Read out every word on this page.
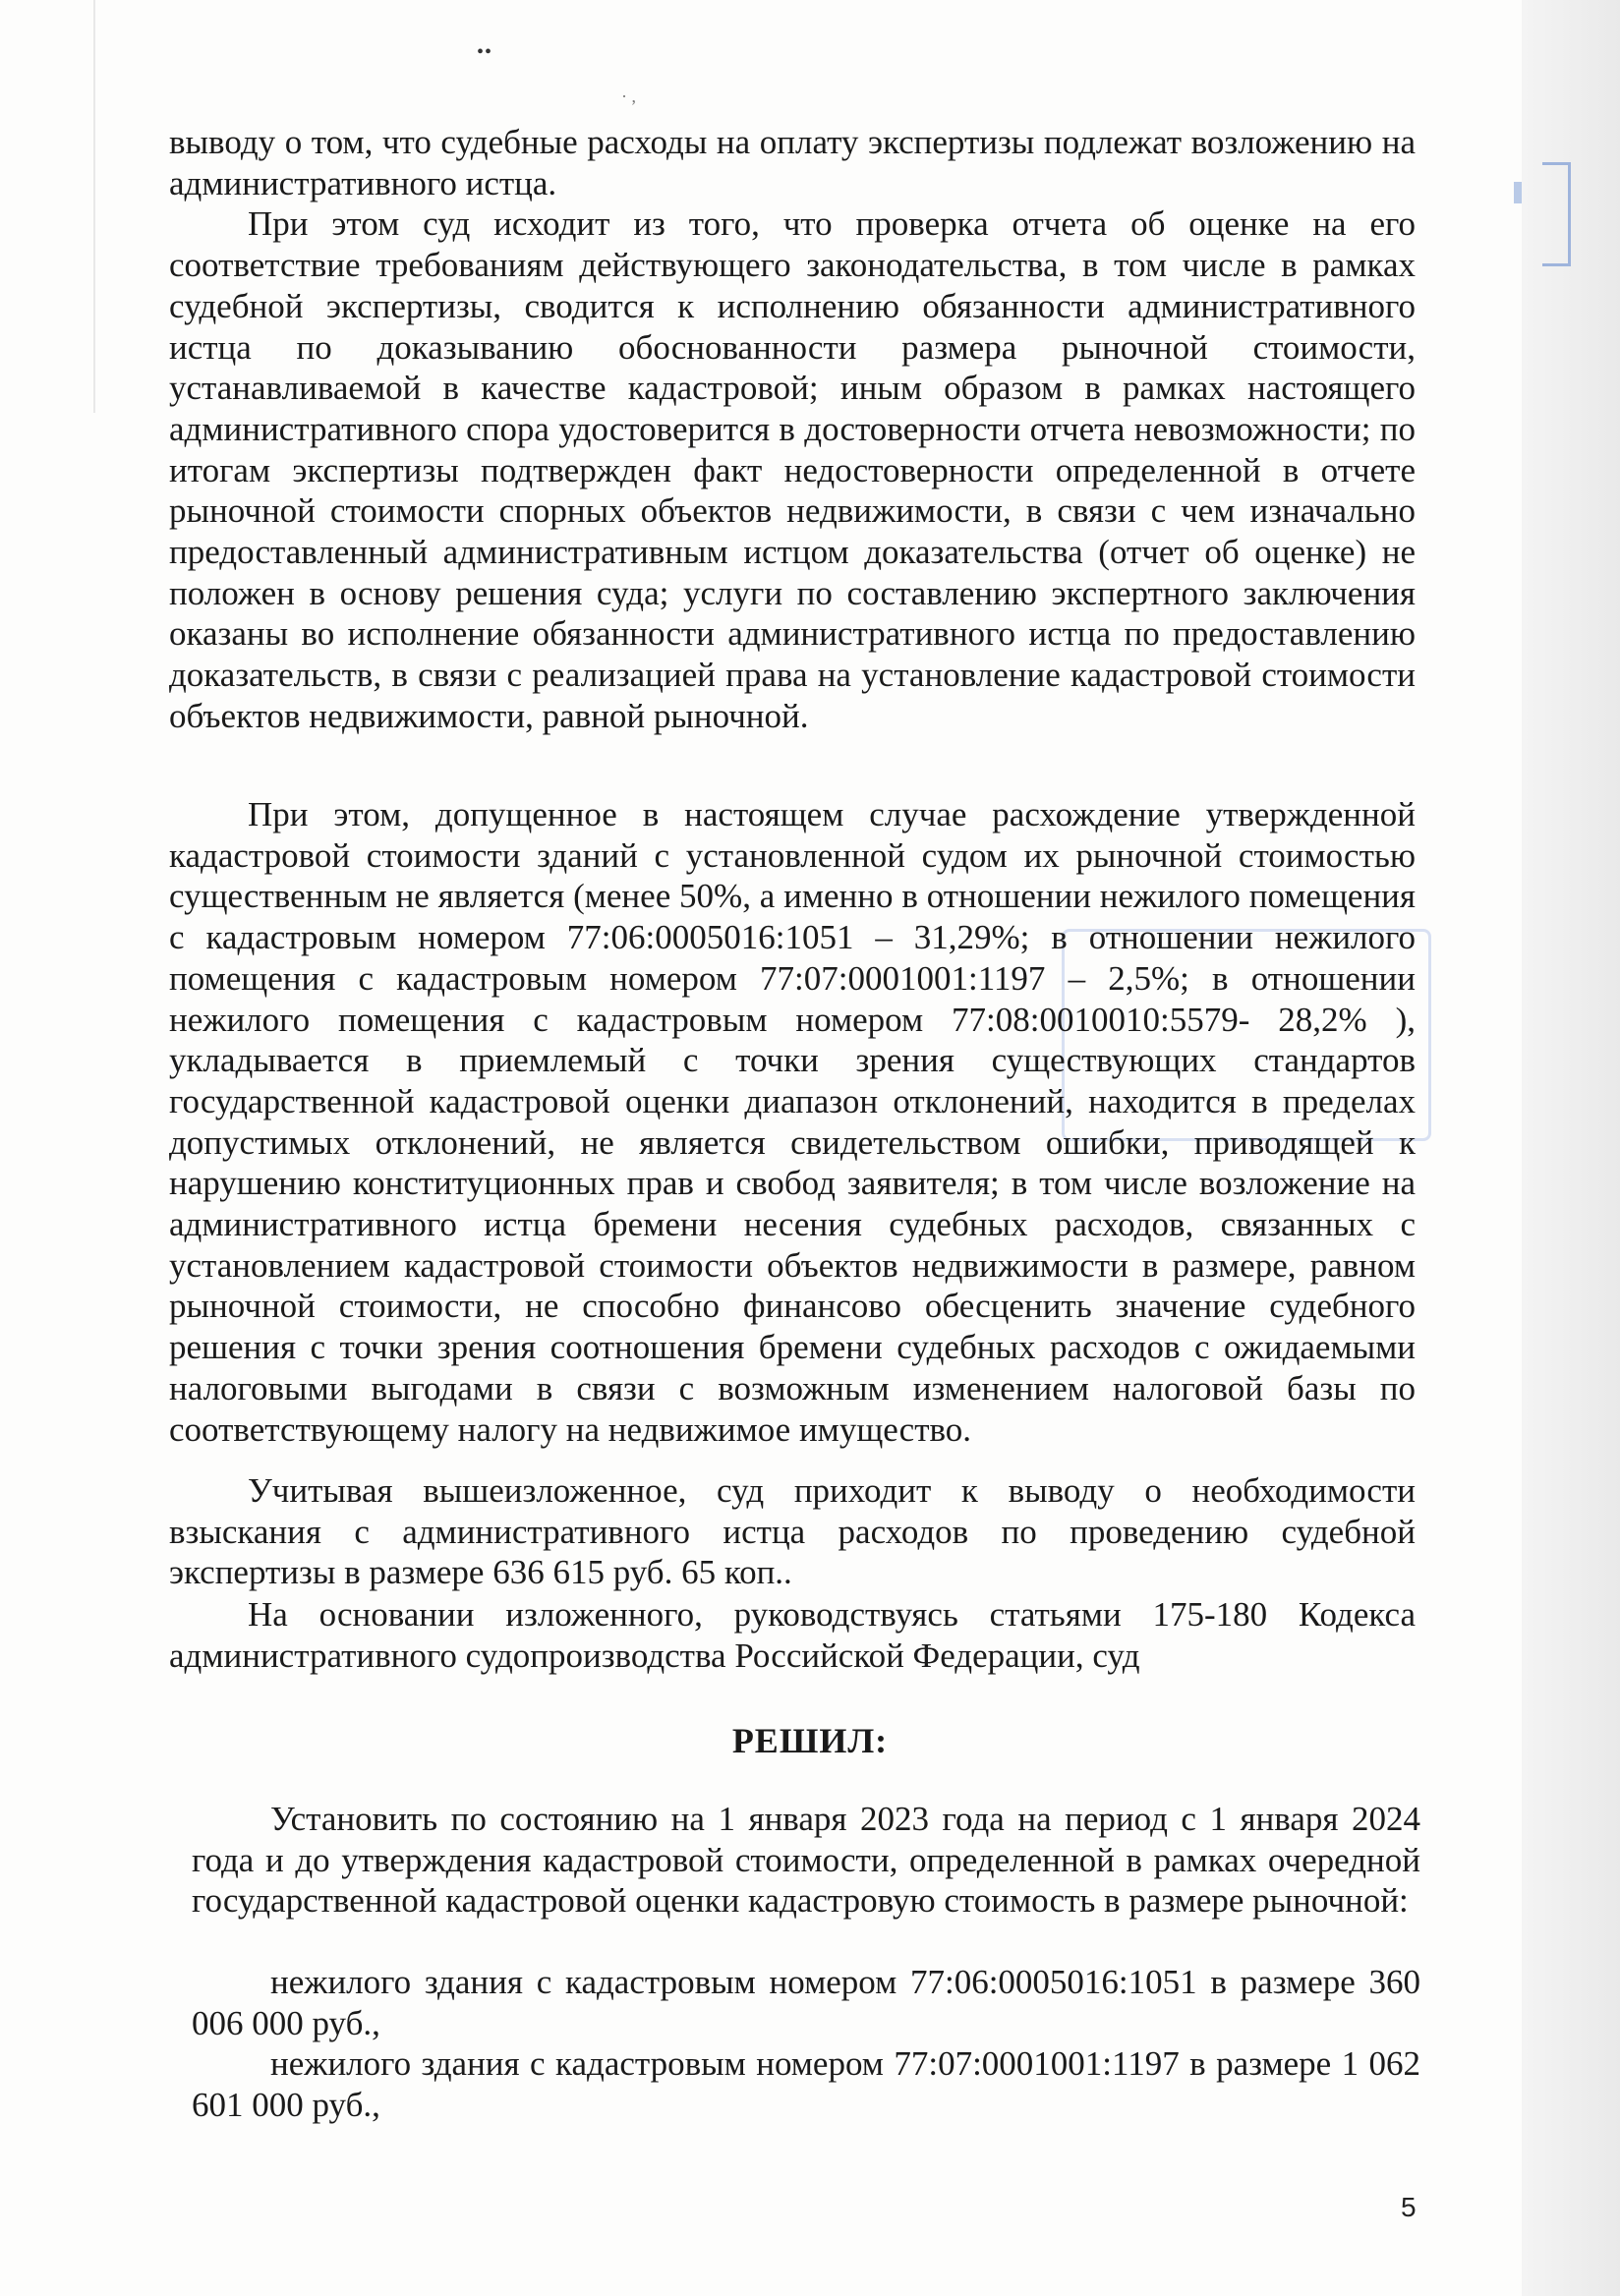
••
· ,

выводу о том, что судебные расходы на оплату экспертизы подлежат возложению на административного истца.

При этом суд исходит из того, что проверка отчета об оценке на его соответствие требованиям действующего законодательства, в том числе в рамках судебной экспертизы, сводится к исполнению обязанности административного истца по доказыванию обоснованности размера рыночной стоимости, устанавливаемой в качестве кадастровой; иным образом в рамках настоящего административного спора удостоверится в достоверности отчета невозможности; по итогам экспертизы подтвержден факт недостоверности определенной в отчете рыночной стоимости спорных объектов недвижимости, в связи с чем изначально предоставленный административным истцом доказательства (отчет об оценке) не положен в основу решения суда; услуги по составлению экспертного заключения оказаны во исполнение обязанности административного истца по предоставлению доказательств, в связи с реализацией права на установление кадастровой стоимости объектов недвижимости, равной рыночной.

При этом, допущенное в настоящем случае расхождение утвержденной кадастровой стоимости зданий с установленной судом их рыночной стоимостью существенным не является (менее 50%, а именно в отношении нежилого помещения с кадастровым номером 77:06:0005016:1051 – 31,29%; в отношении нежилого помещения с кадастровым номером 77:07:0001001:1197 – 2,5%; в отношении нежилого помещения с кадастровым номером 77:08:0010010:5579- 28,2% ), укладывается в приемлемый с точки зрения существующих стандартов государственной кадастровой оценки диапазон отклонений, находится в пределах допустимых отклонений, не является свидетельством ошибки, приводящей к нарушению конституционных прав и свобод заявителя; в том числе возложение на административного истца бремени несения судебных расходов, связанных с установлением кадастровой стоимости объектов недвижимости в размере, равном рыночной стоимости, не способно финансово обесценить значение судебного решения с точки зрения соотношения бремени судебных расходов с ожидаемыми налоговыми выгодами в связи с возможным изменением налоговой базы по соответствующему налогу на недвижимое имущество.

Учитывая вышеизложенное, суд приходит к выводу о необходимости взыскания с административного истца расходов по проведению судебной экспертизы в размере 636 615 руб. 65 коп..

На основании изложенного, руководствуясь статьями 175-180 Кодекса административного судопроизводства Российской Федерации, суд

РЕШИЛ:

Установить по состоянию на 1 января 2023 года на период с 1 января 2024 года и до утверждения кадастровой стоимости, определенной в рамках очередной государственной кадастровой оценки кадастровую стоимость в размере рыночной:

нежилого здания с кадастровым номером 77:06:0005016:1051 в размере 360 006 000 руб.,

нежилого здания с кадастровым номером 77:07:0001001:1197 в размере 1 062 601 000 руб.,

5
